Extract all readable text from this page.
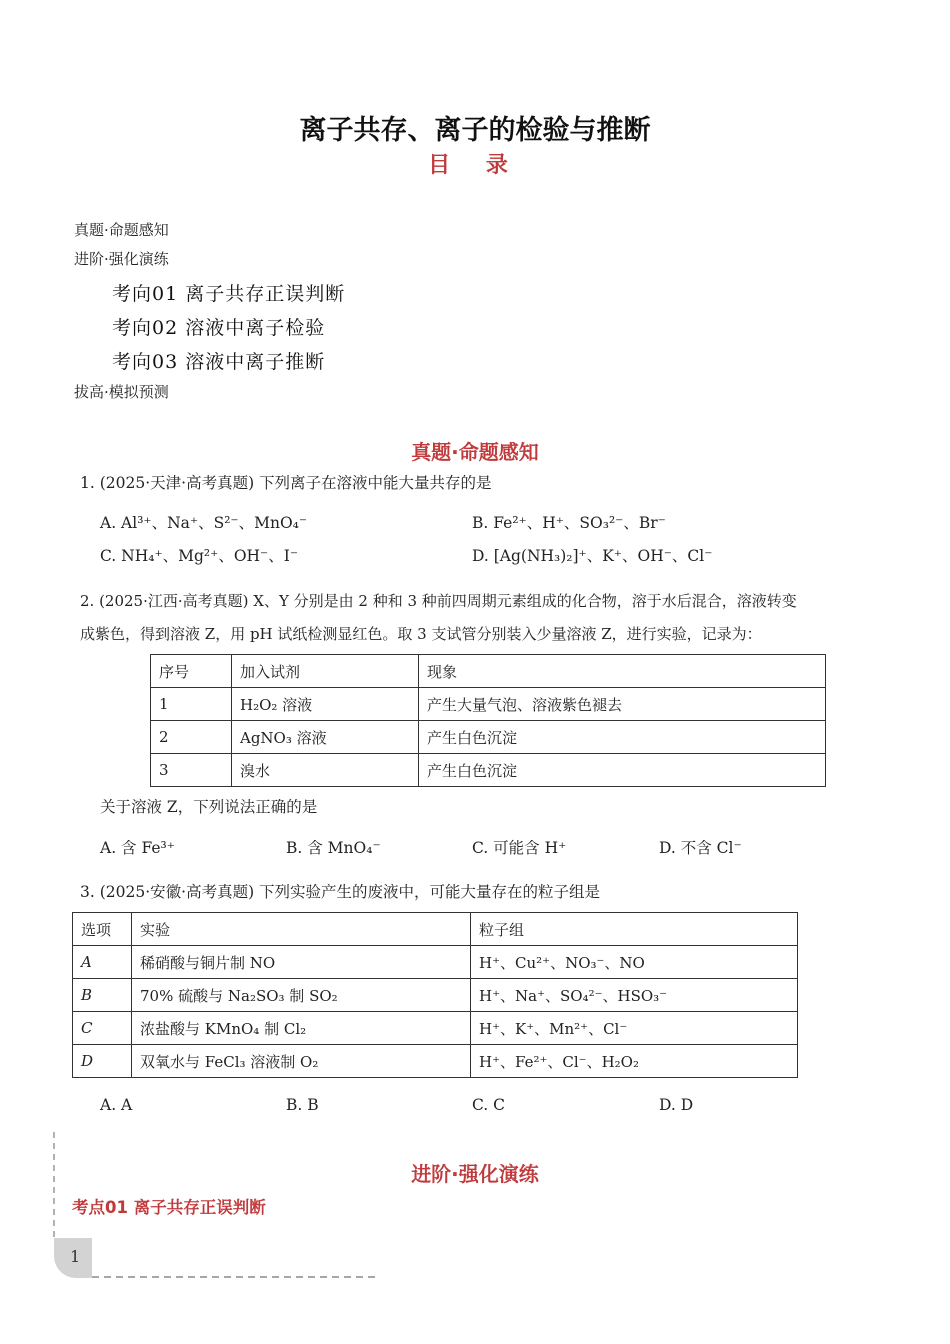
离子共存、离子的检验与推断
目 录
真题·命题感知
进阶·强化演练
考向01 离子共存正误判断
考向02 溶液中离子检验
考向03 溶液中离子推断
拔高·模拟预测
真题·命题感知
1. (2025·天津·高考真题) 下列离子在溶液中能大量共存的是
A. Al³⁺、Na⁺、S²⁻、MnO₄⁻	B. Fe²⁺、H⁺、SO₃²⁻、Br⁻
C. NH₄⁺、Mg²⁺、OH⁻、I⁻	D. [Ag(NH₃)₂]⁺、K⁺、OH⁻、Cl⁻
2. (2025·江西·高考真题) X、Y 分别是由 2 种和 3 种前四周期元素组成的化合物，溶于水后混合，溶液转变
成紫色，得到溶液 Z，用 pH 试纸检测显红色。取 3 支试管分别装入少量溶液 Z，进行实验，记录为：
序号	加入试剂	现象
1	H₂O₂ 溶液	产生大量气泡、溶液紫色褪去
2	AgNO₃ 溶液	产生白色沉淀
3	溴水	产生白色沉淀
关于溶液 Z，下列说法正确的是
A. 含 Fe³⁺	B. 含 MnO₄⁻	C. 可能含 H⁺	D. 不含 Cl⁻
3. (2025·安徽·高考真题) 下列实验产生的废液中，可能大量存在的粒子组是
选项	实验	粒子组
A	稀硝酸与铜片制 NO	H⁺、Cu²⁺、NO₃⁻、NO
B	70% 硫酸与 Na₂SO₃ 制 SO₂	H⁺、Na⁺、SO₄²⁻、HSO₃⁻
C	浓盐酸与 KMnO₄ 制 Cl₂	H⁺、K⁺、Mn²⁺、Cl⁻
D	双氧水与 FeCl₃ 溶液制 O₂	H⁺、Fe²⁺、Cl⁻、H₂O₂
A. A	B. B	C. C	D. D
进阶·强化演练
考点01 离子共存正误判断
1
